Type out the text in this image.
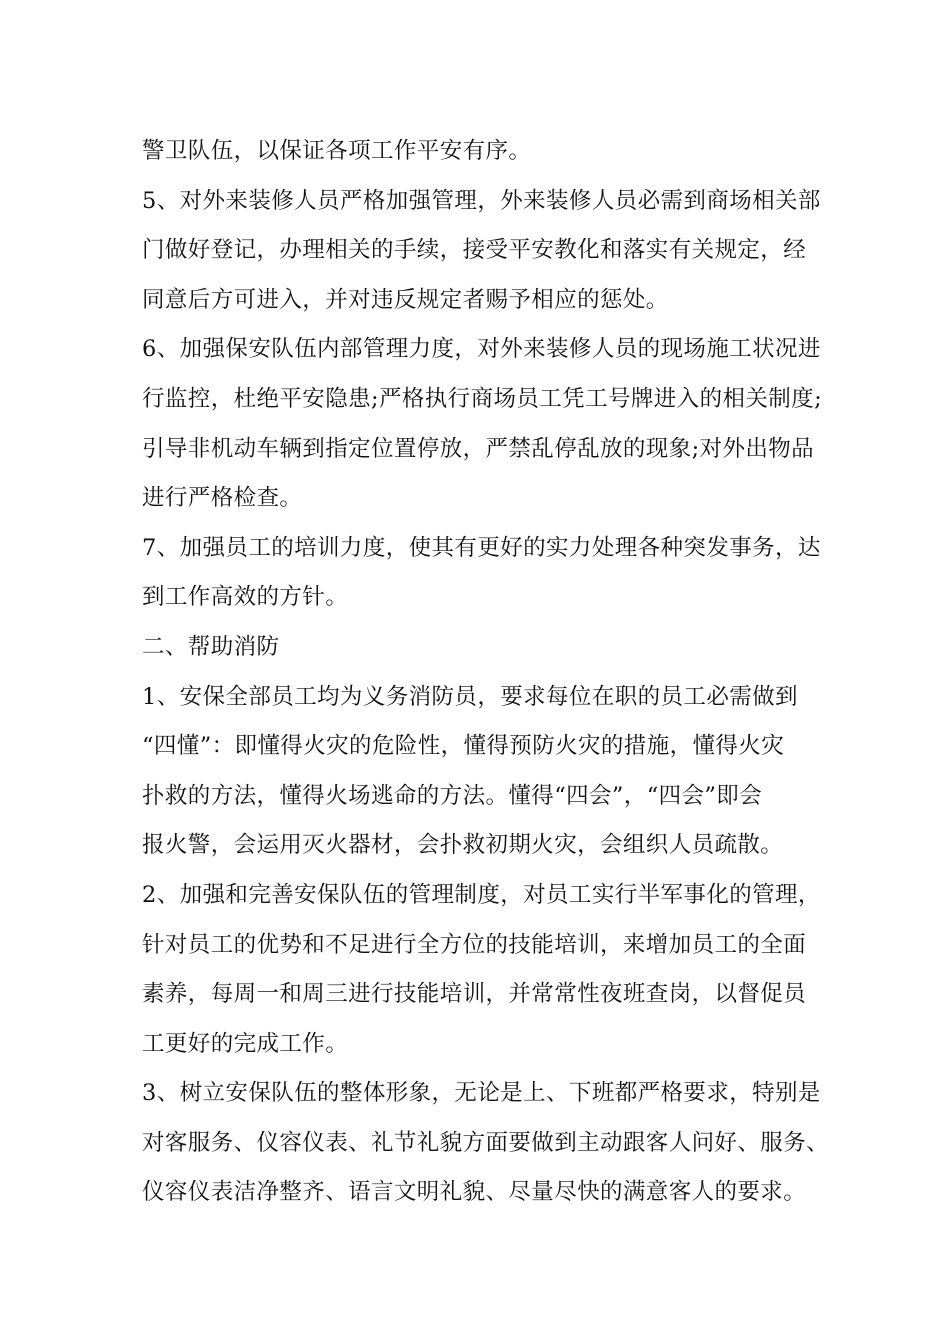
警卫队伍，以保证各项工作平安有序。
5、对外来装修人员严格加强管理，外来装修人员必需到商场相关部
门做好登记，办理相关的手续，接受平安教化和落实有关规定，经
同意后方可进入，并对违反规定者赐予相应的惩处。
6、加强保安队伍内部管理力度，对外来装修人员的现场施工状况进
行监控，杜绝平安隐患;严格执行商场员工凭工号牌进入的相关制度;
引导非机动车辆到指定位置停放，严禁乱停乱放的现象;对外出物品
进行严格检查。
7、加强员工的培训力度，使其有更好的实力处理各种突发事务，达
到工作高效的方针。
二、帮助消防
1、安保全部员工均为义务消防员，要求每位在职的员工必需做到
“四懂”：即懂得火灾的危险性，懂得预防火灾的措施，懂得火灾
扑救的方法，懂得火场逃命的方法。懂得“四会”，“四会”即会
报火警，会运用灭火器材，会扑救初期火灾，会组织人员疏散。
2、加强和完善安保队伍的管理制度，对员工实行半军事化的管理，
针对员工的优势和不足进行全方位的技能培训，来增加员工的全面
素养，每周一和周三进行技能培训，并常常性夜班查岗，以督促员
工更好的完成工作。
3、树立安保队伍的整体形象，无论是上、下班都严格要求，特别是
对客服务、仪容仪表、礼节礼貌方面要做到主动跟客人问好、服务、
仪容仪表洁净整齐、语言文明礼貌、尽量尽快的满意客人的要求。
